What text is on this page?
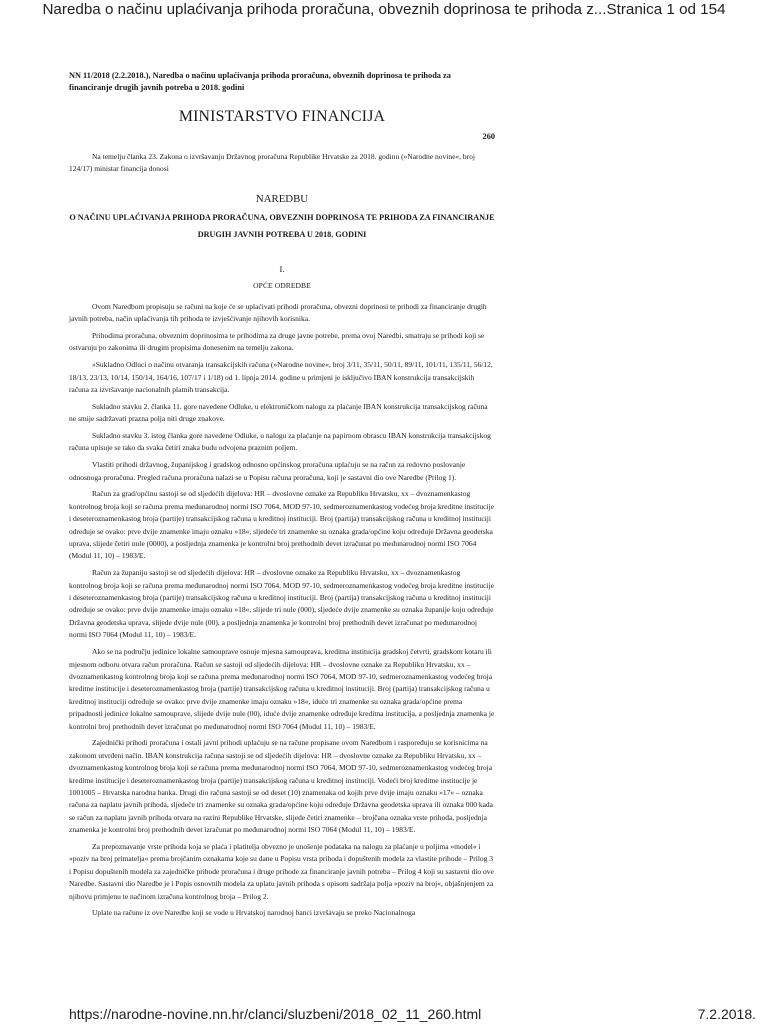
Naredba o načinu uplaćivanja prihoda proračuna, obveznih doprinosa te prihoda z...Stranica 1 od 154

NN 11/2018 (2.2.2018.), Naredba o načinu uplaćivanja prihoda proračuna, obveznih doprinosa te prihoda za financiranje drugih javnih potreba u 2018. godini

MINISTARSTVO FINANCIJA

260

Na temelju članka 23. Zakona o izvršavanju Državnog proračuna Republike Hrvatske za 2018. godinu (»Narodne novine«, broj 124/17) ministar financija donosi

NAREDBU
O NAČINU UPLAĆIVANJA PRIHODA PRORAČUNA, OBVEZNIH DOPRINOSA TE PRIHODA ZA FINANCIRANJE DRUGIH JAVNIH POTREBA U 2018. GODINI

I.

OPĆE ODREDBE

Ovom Naredbom propisuju se računi na koje će se uplaćivati prihodi proračuna, obvezni doprinosi te prihodi za financiranje drugih javnih potreba, način uplaćivanja tih prihoda te izvješćivanje njihovih korisnika.

Prihodima proračuna, obveznim doprinosima te prihodima za druge javne potrebe, prema ovoj Naredbi, smatraju se prihodi koji se ostvaruju po zakonima ili drugim propisima donesenim na temelju zakona.

»Sukladno Odluci o načinu otvaranja transakcijskih računa (»Narodne novine«, broj 3/11, 35/11, 50/11, 89/11, 101/11, 135/11, 56/12, 18/13, 23/13, 10/14, 150/14, 164/16, 107/17 i 1/18) od 1. lipnja 2014. godine u primjeni je isključivo IBAN konstrukcija transakcijskih računa za izvršavanje nacionalnih platnih transakcija.

Sukladno stavku 2. članka 11. gore navedene Odluke, u elektroničkom nalogu za plaćanje IBAN konstrukcija transakcijskog računa ne smije sadržavati prazna polja niti druge znakove.

Sukladno stavku 3. istog članka gore navedene Odluke, u nalogu za plaćanje na papirnom obrascu IBAN konstrukcija transakcijskog računa upisuje se tako da svaka četiri znaka budu odvojena praznim poljem.

Vlastiti prihodi državnog, županijskog i gradskog odnosno općinskog proračuna uplaćuju se na račun za redovno poslovanje odnosnoga proračuna. Pregled računa proračuna nalazi se u Popisu računa proračuna, koji je sastavni dio ove Naredbe (Prilog 1).

Račun za grad/općinu sastoji se od sljedećih dijelova: HR – dvoslovne oznake za Republiku Hrvatsku, xx – dvoznamenkastog kontrolnog broja koji se računa prema međunarodnoj normi ISO 7064, MOD 97-10, sedmeroznamenkastog vodećeg broja kreditne institucije i deseteroznamenkastog broja (partije) transakcijskog računa u kreditnoj instituciji. Broj (partija) transakcijskog računa u kreditnoj instituciji određuje se ovako: prve dvije znamenke imaju oznaku »18«, sljedeće tri znamenke su oznaka grada/općine koju određuje Državna geodetska uprava, slijede četiri nule (0000), a posljednja znamenka je kontrolni broj prethodnih devet izračunat po međunarodnoj normi ISO 7064 (Modul 11, 10) – 1983/E.

Račun za županiju sastoji se od sljedećih dijelova: HR – dvoslovne oznake za Republiku Hrvatsku, xx – dvoznamenkastog kontrolnog broja koji se računa prema međunarodnoj normi ISO 7064, MOD 97-10, sedmeroznamenkastog vodećeg broja kreditne institucije i deseteroznamenkastog broja (partije) transakcijskog računa u kreditnoj instituciji. Broj (partija) transakcijskog računa u kreditnoj instituciji određuje se ovako: prve dvije znamenke imaju oznaku »18«, slijede tri nule (000), sljedeće dvije znamenke su oznaka županije koju određuje Državna geodetska uprava, slijede dvije nule (00), a posljednja znamenka je kontrolni broj prethodnih devet izračunat po međunarodnoj normi ISO 7064 (Modul 11, 10) – 1983/E.

Ako se na području jedinice lokalne samouprave osnuje mjesna samouprava, kreditna institucija gradskoj četvrti, gradskom kotaru ili mjesnom odboru otvara račun proračuna. Račun se sastoji od sljedećih dijelova: HR – dvoslovne oznake za Republiku Hrvatsku, xx – dvoznamenkastog kontrolnog broja koji se računa prema međunarodnoj normi ISO 7064, MOD 97-10, sedmeroznamenkastog vodećeg broja kreditne institucije i deseteroznamenkastog broja (partije) transakcijskog računa u kreditnoj instituciji. Broj (partija) transakcijskog računa u kreditnoj instituciji određuje se ovako: prve dvije znamenke imaju oznaku »18«, iduće tri znamenke su oznaka grada/općine prema pripadnosti jedinice lokalne samouprave, slijede dvije nule (00), iduće dvije znamenke određuje kreditna institucija, a posljednja znamenka je kontrolni broj prethodnih devet izračunat po međunarodnoj normi ISO 7064 (Modul 11, 10) – 1983/E.

Zajednički prihodi proračuna i ostali javni prihodi uplaćuju se na račune propisane ovom Naredbom i raspoređuju se korisnicima na zakonom utvrđeni način. IBAN konstrukcija računa sastoji se od sljedećih dijelova: HR – dvoslovne oznake za Republiku Hrvatsku, xx – dvoznamenkastog kontrolnog broja koji se računa prema međunarodnoj normi ISO 7064, MOD 97-10, sedmeroznamenkastog vodećeg broja kreditne institucije i deseteroznamenkastog broja (partije) transakcijskog računa u kreditnoj instituciji. Vodeći broj kreditne institucije je 1001005 – Hrvatska narodna banka. Drugi dio računa sastoji se od deset (10) znamenaka od kojih prve dvije imaju oznaku »17« – oznaka računa za naplatu javnih prihoda, sljedeće tri znamenke su oznaka grada/općine koju određuje Državna geodetska uprava ili oznaka 000 kada se račun za naplatu javnih prihoda otvara na razini Republike Hrvatske, slijede četiri znamenke – brojčana oznaka vrste prihoda, posljednja znamenka je kontrolni broj prethodnih devet izračunat po međunarodnoj normi ISO 7064 (Modul 11, 10) – 1983/E.

Za prepoznavanje vrste prihoda koja se plaća i platitelja obvezno je unošenje podataka na nalogu za plaćanje u poljima »model« i »poziv na broj primatelja« prema brojčanim oznakama koje su dane u Popisu vrsta prihoda i dopuštenih modela za vlastite prihode – Prilog 3 i Popisu dopuštenih modela za zajedničke prihode proračuna i druge prihode za financiranje javnih potreba – Prilog 4 koji su sastavni dio ove Naredbe. Sastavni dio Naredbe je i Popis osnovnih modela za uplatu javnih prihoda s opisom sadržaja polja »poziv na broj«, objašnjenjem za njihovu primjenu te načinom izračuna kontrolnog broja – Prilog 2.

Uplate na račune iz ove Naredbe koji se vode u Hrvatskoj narodnoj banci izvršavaju se preko Nacionalnoga

https://narodne-novine.nn.hr/clanci/sluzbeni/2018_02_11_260.html	7.2.2018.
